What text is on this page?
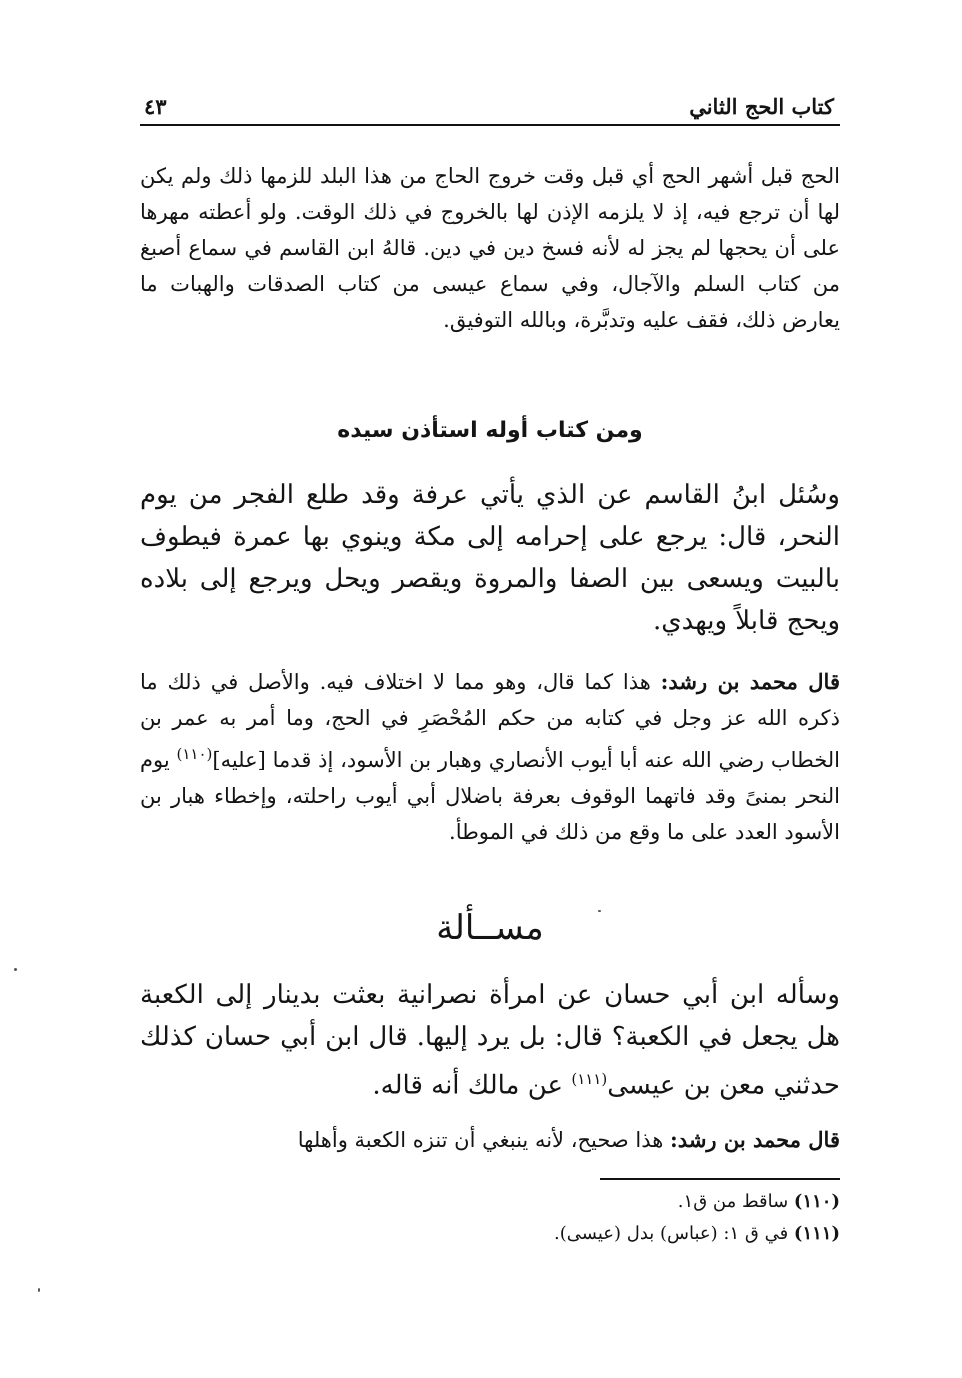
كتاب الحج الثاني
٤٣

الحج قبل أشهر الحج أي قبل وقت خروج الحاج من هذا البلد للزمها ذلك ولم يكن لها أن ترجع فيه، إذ لا يلزمه الإذن لها بالخروج في ذلك الوقت. ولو أعطته مهرها على أن يحجها لم يجز له لأنه فسخ دين في دين. قالهُ ابن القاسم في سماع أصبغ من كتاب السلم والآجال، وفي سماع عيسى من كتاب الصدقات والهبات ما يعارض ذلك، فقف عليه وتدبَّرة، وبالله التوفيق.

ومن كتاب أوله استأذن سيده

وسُئل ابنُ القاسم عن الذي يأتي عرفة وقد طلع الفجر من يوم النحر، قال: يرجع على إحرامه إلى مكة وينوي بها عمرة فيطوف بالبيت ويسعى بين الصفا والمروة ويقصر ويحل ويرجع إلى بلاده ويحج قابلاً ويهدي.

قال محمد بن رشد: هذا كما قال، وهو مما لا اختلاف فيه. والأصل في ذلك ما ذكره الله عز وجل في كتابه من حكم المُحْصَرِ في الحج، وما أمر به عمر بن الخطاب رضي الله عنه أبا أيوب الأنصاري وهبار بن الأسود، إذ قدما [عليه]$^{(١١٠)}$ يوم النحر بمنىً وقد فاتهما الوقوف بعرفة باضلال أبي أيوب راحلته، وإخطاء هبار بن الأسود العدد على ما وقع من ذلك في الموطأ.

مســألة

وسأله ابن أبي حسان عن امرأة نصرانية بعثت بدينار إلى الكعبة هل يجعل في الكعبة؟ قال: بل يرد إليها. قال ابن أبي حسان كذلك حدثني معن بن عيسى$^{(١١١)}$ عن مالك أنه قاله.

قال محمد بن رشد: هذا صحيح، لأنه ينبغي أن تنزه الكعبة وأهلها

(١١٠) ساقط من ق١.
(١١١) في ق ١: (عباس) بدل (عيسى).
